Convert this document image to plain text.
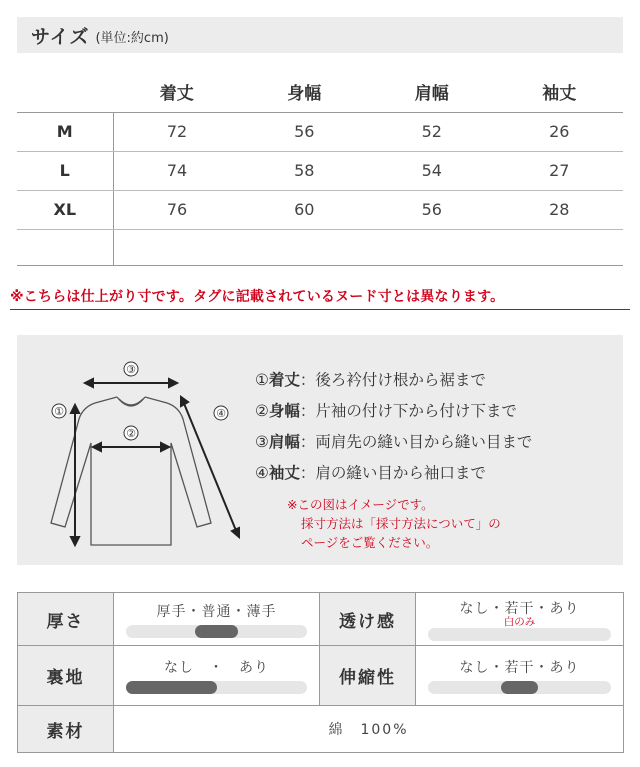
サイズ (単位:約cm)
	着丈	身幅	肩幅	袖丈
M	72	56	52	26
L	74	58	54	27
XL	76	60	56	28

※こちらは仕上がり寸です。タグに記載されているヌード寸とは異なります。
③
②
①	④
①着丈：後ろ衿付け根から裾まで
②身幅：片袖の付け下から付け下まで
③肩幅：両肩先の縫い目から縫い目まで
④袖丈：肩の縫い目から袖口まで
※この図はイメージです。
採寸方法は「採寸方法について」の
ページをご覧ください。
厚さ	厚手・普通・薄手	透け感	なし・若干・あり
白のみ

裏地	なし　・　あり	伸縮性	なし・若干・あり

素材	綿　100%		
